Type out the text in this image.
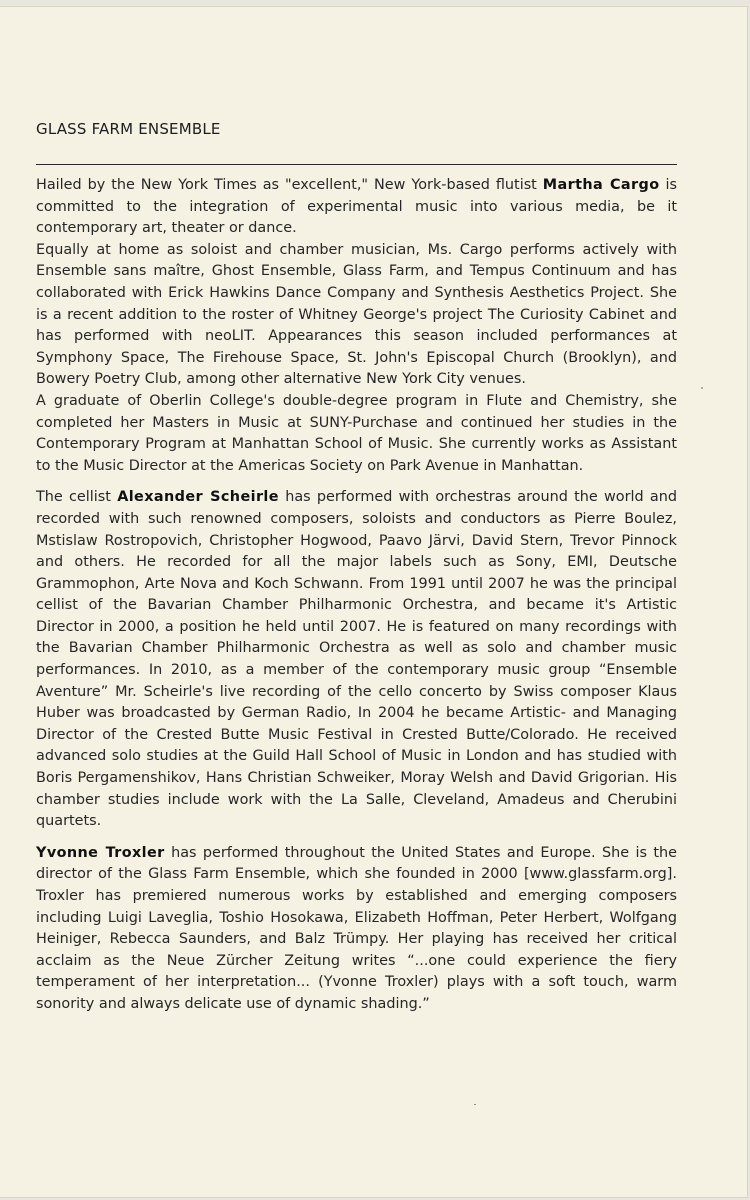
GLASS FARM ENSEMBLE

Hailed by the New York Times as "excellent," New York-based flutist Martha Cargo is committed to the integration of experimental music into various media, be it contemporary art, theater or dance.

Equally at home as soloist and chamber musician, Ms. Cargo performs actively with Ensemble sans maître, Ghost Ensemble, Glass Farm, and Tempus Continuum and has collaborated with Erick Hawkins Dance Company and Synthesis Aesthetics Project. She is a recent addition to the roster of Whitney George's project The Curiosity Cabinet and has performed with neoLIT. Appearances this season included performances at Symphony Space, The Firehouse Space, St. John's Episcopal Church (Brooklyn), and Bowery Poetry Club, among other alternative New York City venues.

A graduate of Oberlin College's double-degree program in Flute and Chemistry, she completed her Masters in Music at SUNY-Purchase and continued her studies in the Contemporary Program at Manhattan School of Music. She currently works as Assistant to the Music Director at the Americas Society on Park Avenue in Manhattan.

The cellist Alexander Scheirle has performed with orchestras around the world and recorded with such renowned composers, soloists and conductors as Pierre Boulez, Mstislaw Rostropovich, Christopher Hogwood, Paavo Järvi, David Stern, Trevor Pinnock and others. He recorded for all the major labels such as Sony, EMI, Deutsche Grammophon, Arte Nova and Koch Schwann. From 1991 until 2007 he was the principal cellist of the Bavarian Chamber Philharmonic Orchestra, and became it's Artistic Director in 2000, a position he held until 2007. He is featured on many recordings with the Bavarian Chamber Philharmonic Orchestra as well as solo and chamber music performances. In 2010, as a member of the contemporary music group “Ensemble Aventure” Mr. Scheirle's live recording of the cello concerto by Swiss composer Klaus Huber was broadcasted by German Radio, In 2004 he became Artistic- and Managing Director of the Crested Butte Music Festival in Crested Butte/Colorado. He received advanced solo studies at the Guild Hall School of Music in London and has studied with Boris Pergamenshikov, Hans Christian Schweiker, Moray Welsh and David Grigorian. His chamber studies include work with the La Salle, Cleveland, Amadeus and Cherubini quartets.

Yvonne Troxler has performed throughout the United States and Europe. She is the director of the Glass Farm Ensemble, which she founded in 2000 [www.glassfarm.org]. Troxler has premiered numerous works by established and emerging composers including Luigi Laveglia, Toshio Hosokawa, Elizabeth Hoffman, Peter Herbert, Wolfgang Heiniger, Rebecca Saunders, and Balz Trümpy. Her playing has received her critical acclaim as the Neue Zürcher Zeitung writes “...one could experience the fiery temperament of her interpretation... (Yvonne Troxler) plays with a soft touch, warm sonority and always delicate use of dynamic shading.”
